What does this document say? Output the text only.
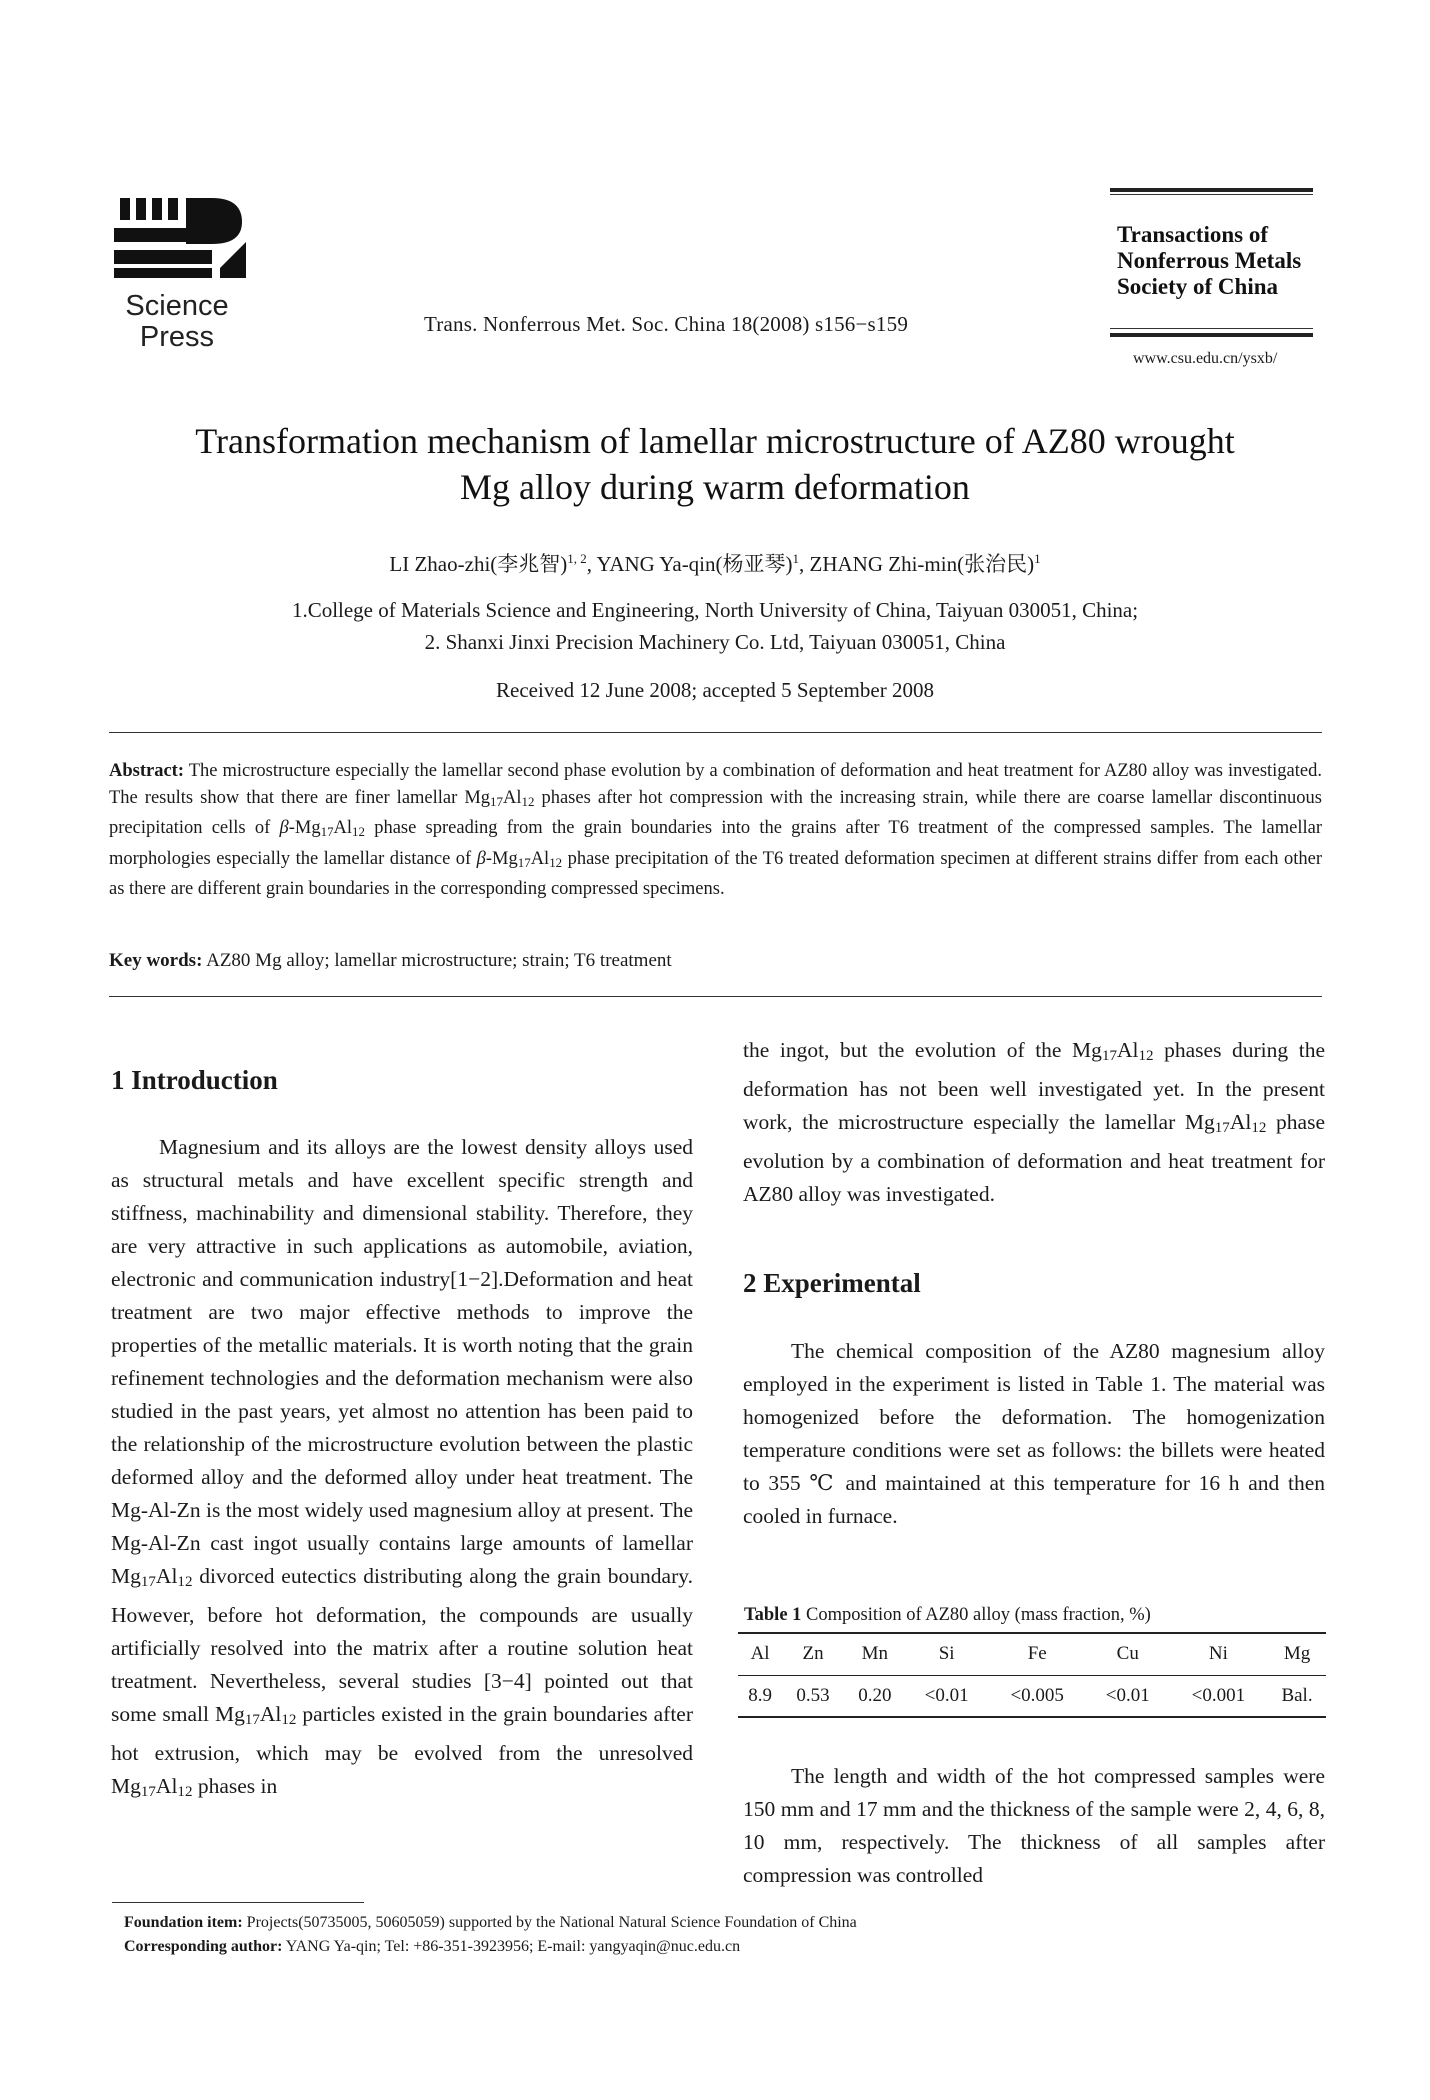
Science
Press	Trans. Nonferrous Met. Soc. China 18(2008) s156−s159
Transactions of
Nonferrous Metals
Society of China
www.csu.edu.cn/ysxb/
Transformation mechanism of lamellar microstructure of AZ80 wrought
Mg alloy during warm deformation
LI Zhao-zhi(李兆智)$^{1, 2}$, YANG Ya-qin(杨亚琴)$^1$, ZHANG Zhi-min(张治民)$^1$
1.College of Materials Science and Engineering, North University of China, Taiyuan 030051, China;
2. Shanxi Jinxi Precision Machinery Co. Ltd, Taiyuan 030051, China
Received 12 June 2008; accepted 5 September 2008
Abstract: The microstructure especially the lamellar second phase evolution by a combination of deformation and heat treatment for AZ80 alloy was investigated. The results show that there are finer lamellar $Mg_{17}Al_{12}$ phases after hot compression with the increasing strain, while there are coarse lamellar discontinuous precipitation cells of $\beta-Mg_{17}Al_{12}$ phase spreading from the grain boundaries into the grains after T6 treatment of the compressed samples. The lamellar morphologies especially the lamellar distance of $\beta-Mg_{17}Al_{12}$ phase precipitation of the T6 treated deformation specimen at different strains differ from each other as there are different grain boundaries in the corresponding compressed specimens.
Key words: AZ80 Mg alloy; lamellar microstructure; strain; T6 treatment
1 Introduction

Magnesium and its alloys are the lowest density alloys used as structural metals and have excellent specific strength and stiffness, machinability and dimensional stability. Therefore, they are very attractive in such applications as automobile, aviation, electronic and communication industry[1−2].Deformation and heat treatment are two major effective methods to improve the properties of the metallic materials. It is worth noting that the grain refinement technologies and the deformation mechanism were also studied in the past years, yet almost no attention has been paid to the relationship of the microstructure evolution between the plastic deformed alloy and the deformed alloy under heat treatment. The Mg-Al-Zn is the most widely used magnesium alloy at present. The Mg-Al-Zn cast ingot usually contains large amounts of lamellar $Mg_{17}Al_{12}$ divorced eutectics distributing along the grain boundary. However, before hot deformation, the compounds are usually artificially resolved into the matrix after a routine solution heat treatment. Nevertheless, several studies [3−4] pointed out that some small $Mg_{17}Al_{12}$ particles existed in the grain boundaries after hot extrusion, which may be evolved from the unresolved $Mg_{17}Al_{12}$ phases in

the ingot, but the evolution of the $Mg_{17}Al_{12}$ phases during the deformation has not been well investigated yet. In the present work, the microstructure especially the lamellar $Mg_{17}Al_{12}$ phase evolution by a combination of deformation and heat treatment for AZ80 alloy was investigated.

2 Experimental

The chemical composition of the AZ80 magnesium alloy employed in the experiment is listed in Table 1. The material was homogenized before the deformation. The homogenization temperature conditions were set as follows: the billets were heated to 355 ℃ and maintained at this temperature for 16 h and then cooled in furnace.

Table 1 Composition of AZ80 alloy (mass fraction, %)
Al	Zn	Mn	Si	Fe	Cu	Ni	Mg
8.9	0.53	0.20	<0.01	<0.005	<0.01	<0.001	Bal.

The length and width of the hot compressed samples were 150 mm and 17 mm and the thickness of the sample were 2, 4, 6, 8, 10 mm, respectively. The thickness of all samples after compression was controlled

Foundation item: Projects(50735005, 50605059) supported by the National Natural Science Foundation of China
Corresponding author: YANG Ya-qin; Tel: +86-351-3923956; E-mail: yangyaqin@nuc.edu.cn
